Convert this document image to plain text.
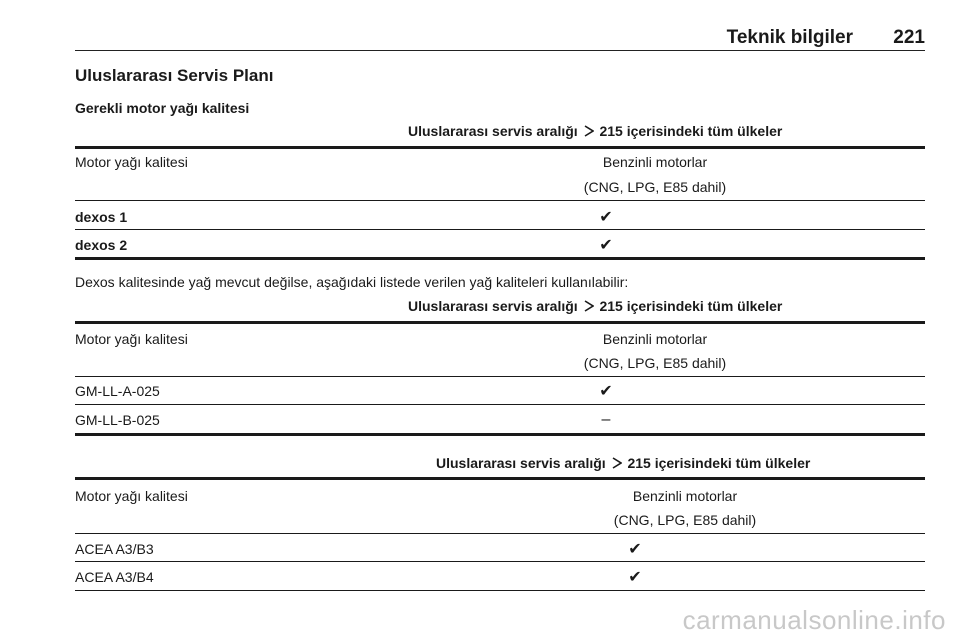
Teknik bilgiler 221
Uluslararası Servis Planı
Gerekli motor yağı kalitesi
Uluslararası servis aralığı 215 içerisindeki tüm ülkeler
Motor yağı kalitesi	Benzinli motorlar
(CNG, LPG, E85 dahil)
dexos 1	✔
dexos 2	✔
Dexos kalitesinde yağ mevcut değilse, aşağıdaki listede verilen yağ kaliteleri kullanılabilir:
Uluslararası servis aralığı 215 içerisindeki tüm ülkeler
Motor yağı kalitesi	Benzinli motorlar
(CNG, LPG, E85 dahil)
GM-LL-A-025	✔
GM-LL-B-025	–
Uluslararası servis aralığı 215 içerisindeki tüm ülkeler
Motor yağı kalitesi	Benzinli motorlar
(CNG, LPG, E85 dahil)
ACEA A3/B3	✔
ACEA A3/B4	✔
carmanualsonline.info
